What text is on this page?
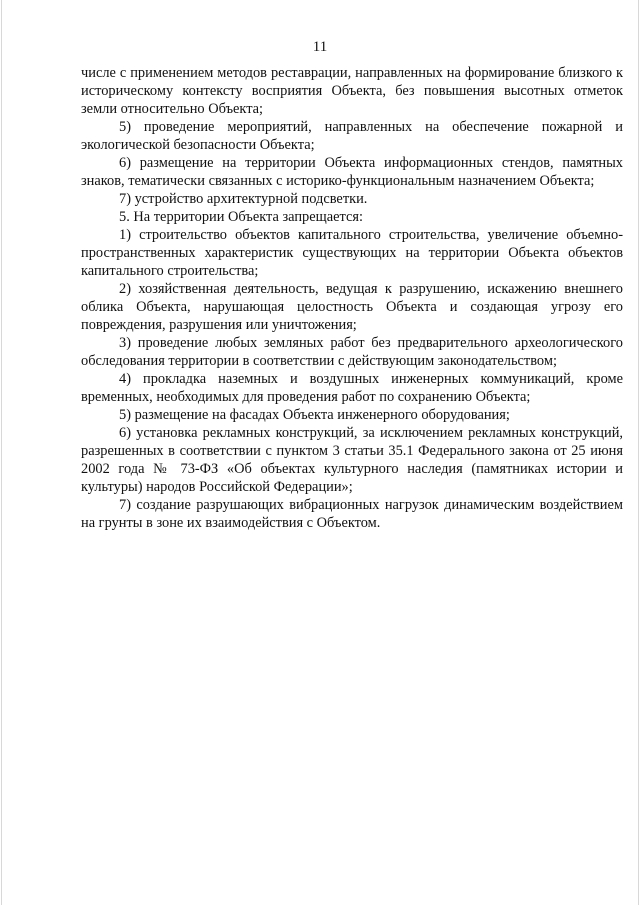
11

числе с применением методов реставрации, направленных на формирование близкого к историческому контексту восприятия Объекта, без повышения высотных отметок земли относительно Объекта;

5) проведение мероприятий, направленных на обеспечение пожарной и экологической безопасности Объекта;

6) размещение на территории Объекта информационных стендов, памятных знаков, тематически связанных с историко-функциональным назначением Объекта;

7) устройство архитектурной подсветки.

5. На территории Объекта запрещается:

1) строительство объектов капитального строительства, увеличение объемно-пространственных характеристик существующих на территории Объекта объектов капитального строительства;

2) хозяйственная деятельность, ведущая к разрушению, искажению внешнего облика Объекта, нарушающая целостность Объекта и создающая угрозу его повреждения, разрушения или уничтожения;

3) проведение любых земляных работ без предварительного археологического обследования территории в соответствии с действующим законодательством;

4) прокладка наземных и воздушных инженерных коммуникаций, кроме временных, необходимых для проведения работ по сохранению Объекта;

5) размещение на фасадах Объекта инженерного оборудования;

6) установка рекламных конструкций, за исключением рекламных конструкций, разрешенных в соответствии с пунктом 3 статьи 35.1 Федерального закона от 25 июня 2002 года № 73-ФЗ «Об объектах культурного наследия (памятниках истории и культуры) народов Российской Федерации»;

7) создание разрушающих вибрационных нагрузок динамическим воздействием на грунты в зоне их взаимодействия с Объектом.
